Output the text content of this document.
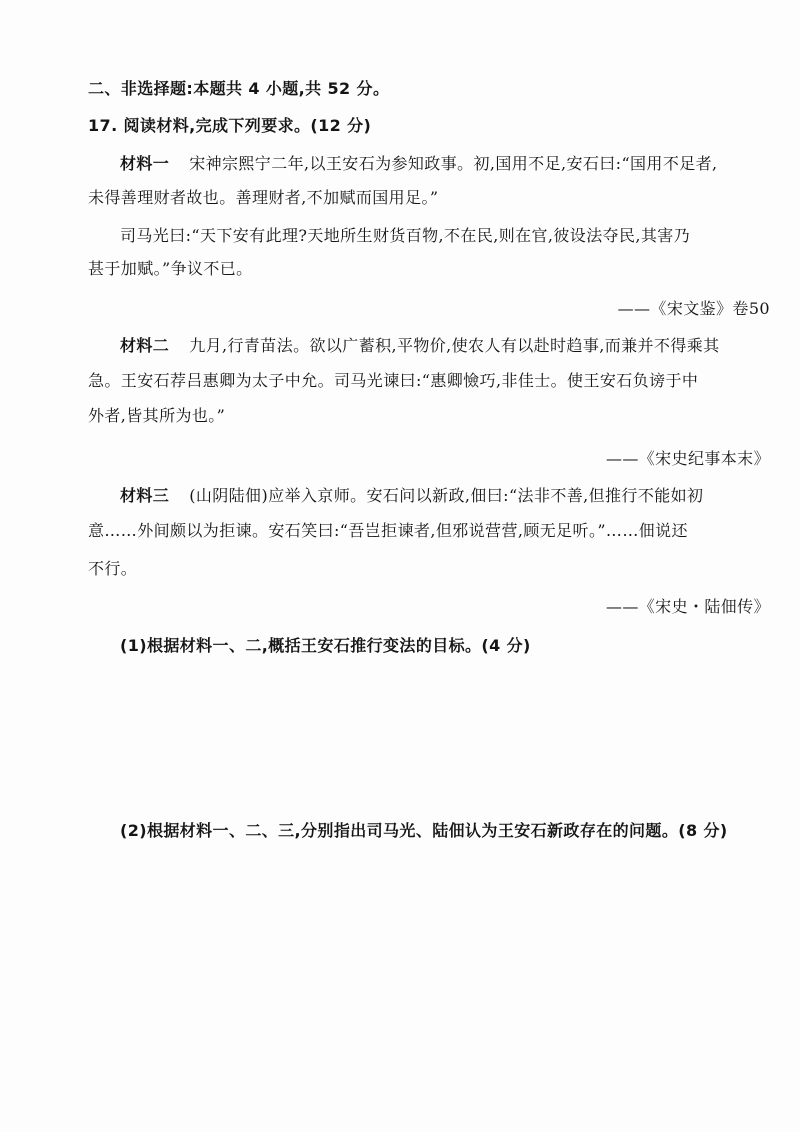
二、非选择题:本题共 4 小题,共 52 分。
17. 阅读材料,完成下列要求。(12 分)
材料一 宋神宗熙宁二年,以王安石为参知政事。初,国用不足,安石曰:“国用不足者,
未得善理财者故也。善理财者,不加赋而国用足。”
司马光曰:“天下安有此理?天地所生财货百物,不在民,则在官,彼设法夺民,其害乃
甚于加赋。”争议不已。
——《宋文鉴》卷50
材料二 九月,行青苗法。欲以广蓄积,平物价,使农人有以赴时趋事,而兼并不得乘其
急。王安石荐吕惠卿为太子中允。司马光谏曰:“惠卿憸巧,非佳士。使王安石负谤于中
外者,皆其所为也。”
——《宋史纪事本末》
材料三 (山阴陆佃)应举入京师。安石问以新政,佃曰:“法非不善,但推行不能如初
意……外间颇以为拒谏。安石笑曰:“吾岂拒谏者,但邪说营营,顾无足听。”……佃说还
不行。
——《宋史・陆佃传》
(1)根据材料一、二,概括王安石推行变法的目标。(4 分)
(2)根据材料一、二、三,分别指出司马光、陆佃认为王安石新政存在的问题。(8 分)
